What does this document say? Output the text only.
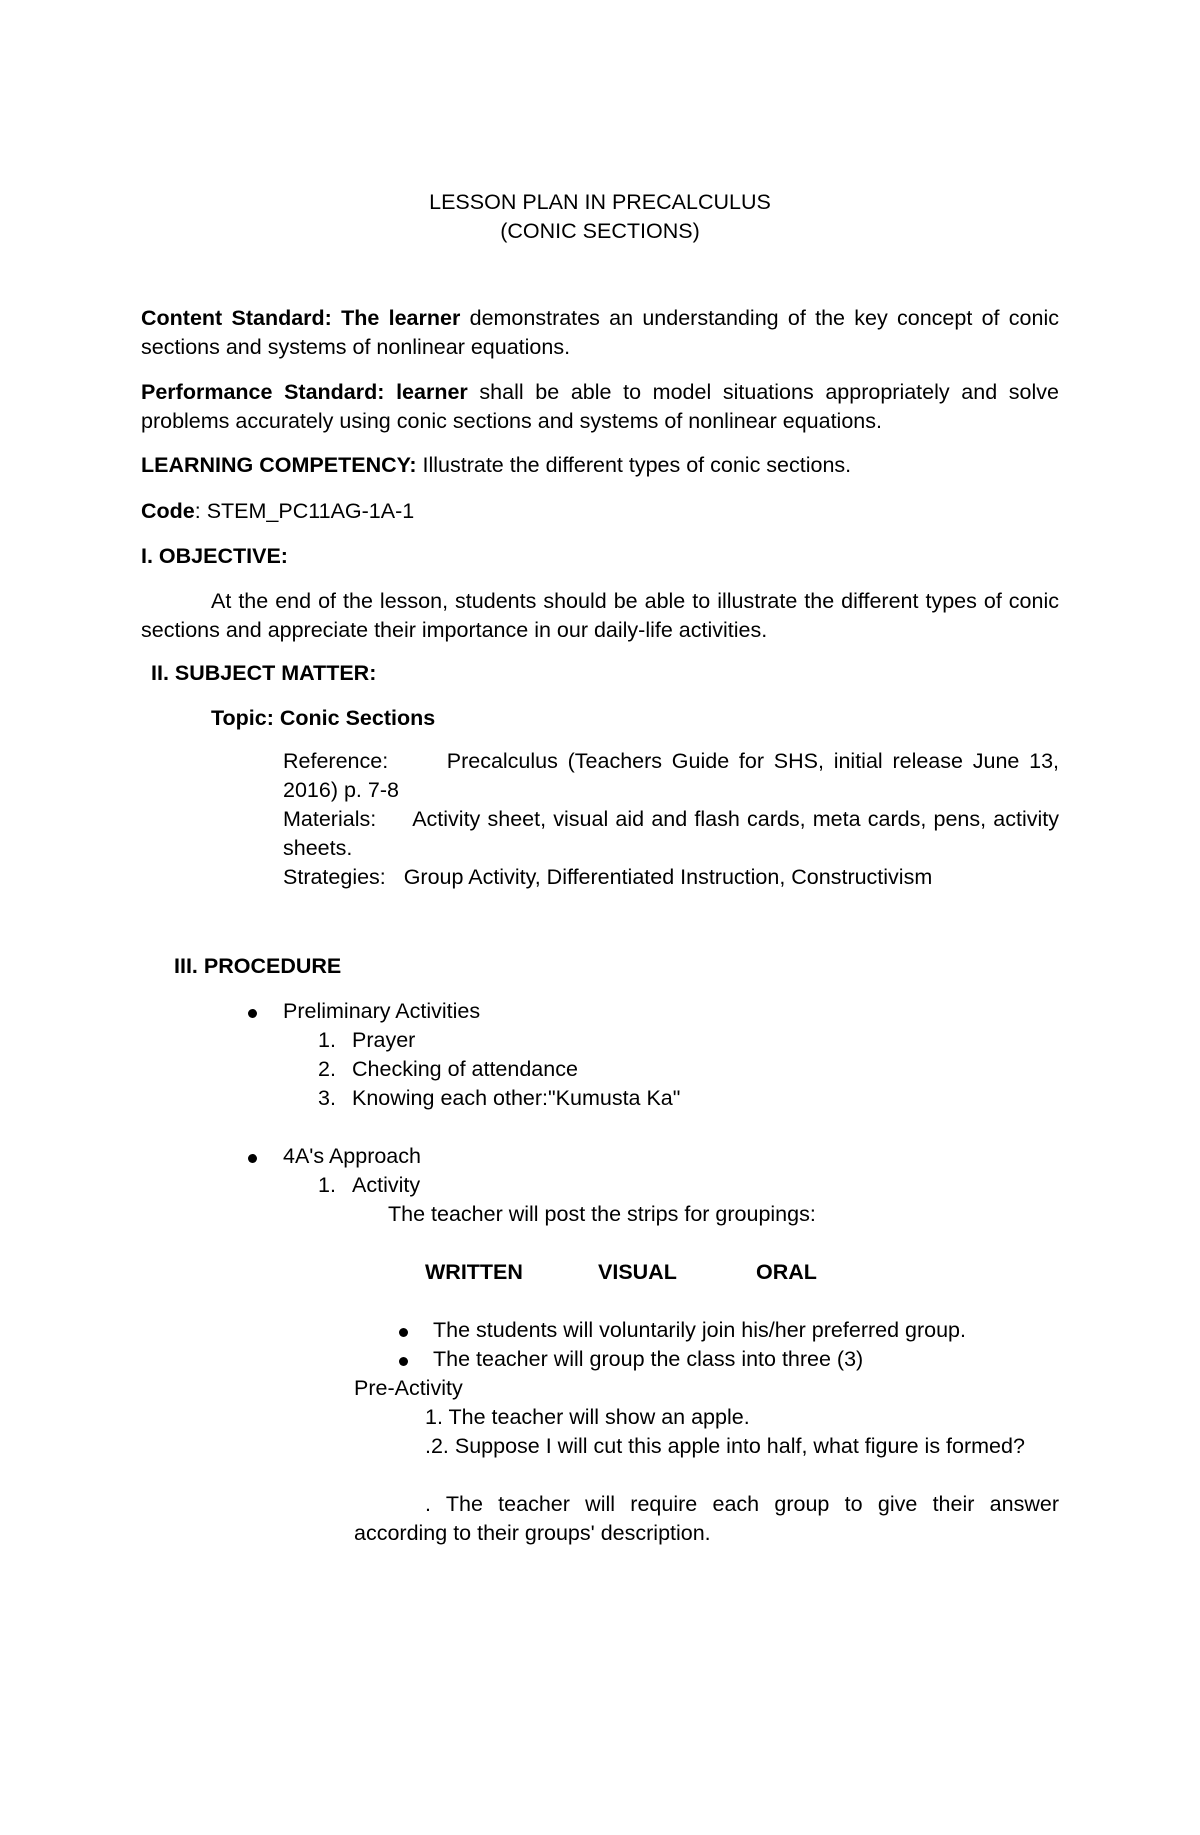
LESSON PLAN IN PRECALCULUS
(CONIC SECTIONS)

Content Standard: The learner demonstrates an understanding of the key concept of conic sections and systems of nonlinear equations.

Performance Standard: learner shall be able to model situations appropriately and solve problems accurately using conic sections and systems of nonlinear equations.

LEARNING COMPETENCY: Illustrate the different types of conic sections.

Code: STEM_PC11AG-1A-1

I. OBJECTIVE:
At the end of the lesson, students should be able to illustrate the different types of conic sections and appreciate their importance in our daily-life activities.
II. SUBJECT MATTER:
Topic: Conic Sections
Reference:	Precalculus (Teachers Guide for SHS, initial release June 13, 2016) p. 7-8
Materials: Activity sheet, visual aid and flash cards, meta cards, pens, activity sheets.
Strategies: Group Activity, Differentiated Instruction, Constructivism
III. PROCEDURE
Preliminary Activities
1. Prayer
2. Checking of attendance
3. Knowing each other:"Kumusta Ka"
4A's Approach
1. Activity
The teacher will post the strips for groupings:
WRITTEN	VISUAL	ORAL
The students will voluntarily join his/her preferred group.
The teacher will group the class into three (3)
Pre-Activity
1. The teacher will show an apple.
.2. Suppose I will cut this apple into half, what figure is formed?
. The teacher will require each group to give their answer according to their groups' description.
